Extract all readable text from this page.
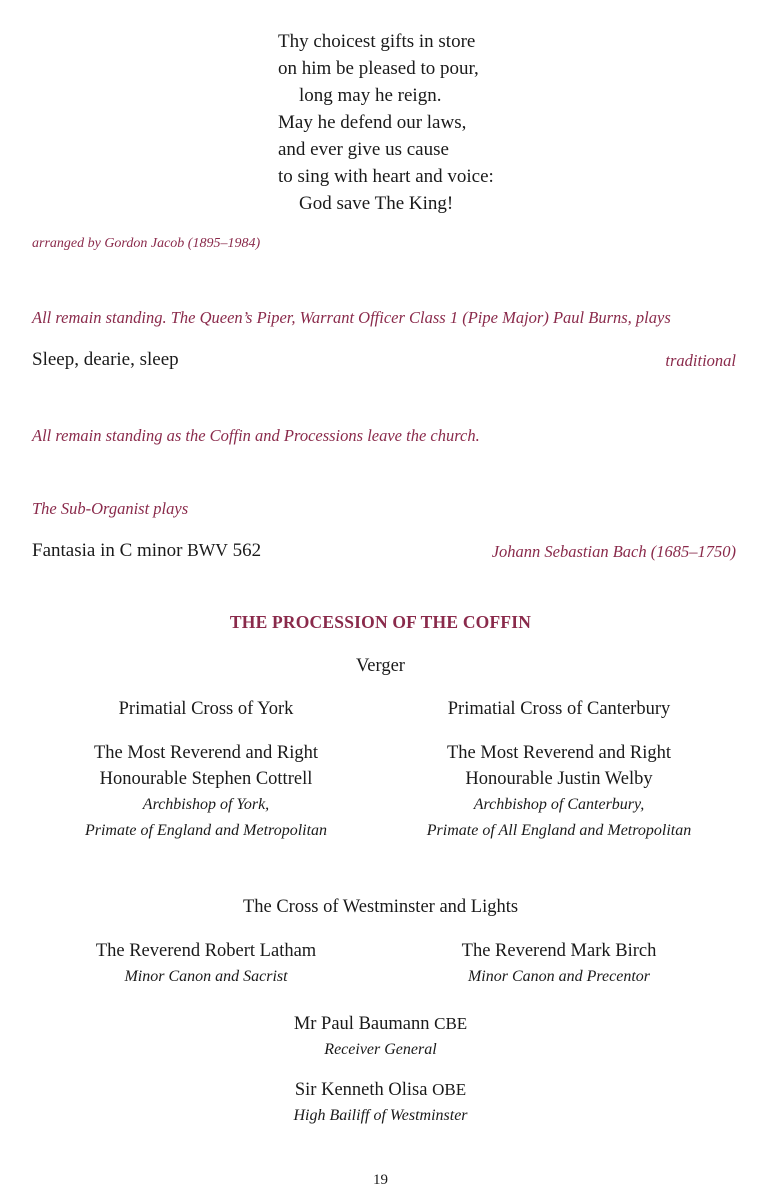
Thy choicest gifts in store
on him be pleased to pour,
long may he reign.
May he defend our laws,
and ever give us cause
to sing with heart and voice:
God save The King!
arranged by Gordon Jacob (1895–1984)
All remain standing. The Queen’s Piper, Warrant Officer Class 1 (Pipe Major) Paul Burns, plays
Sleep, dearie, sleep	traditional
All remain standing as the Coffin and Processions leave the church.
The Sub-Organist plays
Fantasia in C minor BWV 562	Johann Sebastian Bach (1685–1750)
THE PROCESSION OF THE COFFIN
Verger
Primatial Cross of York	Primatial Cross of Canterbury
The Most Reverend and Right
Honourable Stephen Cottrell
Archbishop of York,
Primate of England and Metropolitan
The Most Reverend and Right
Honourable Justin Welby
Archbishop of Canterbury,
Primate of All England and Metropolitan
The Cross of Westminster and Lights
The Reverend Robert Latham
Minor Canon and Sacrist
The Reverend Mark Birch
Minor Canon and Precentor
Mr Paul Baumann CBE
Receiver General
Sir Kenneth Olisa OBE
High Bailiff of Westminster
19
